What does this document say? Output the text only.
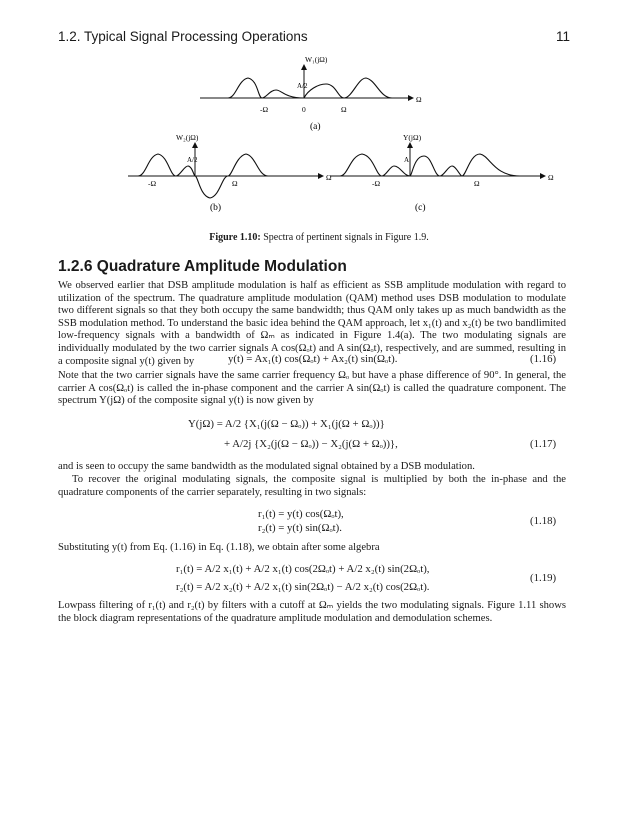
1.2. Typical Signal Processing Operations	11
W₁(jΩ)
A/2
-Ω	0	Ω
Ω
(a)
W₂(jΩ)
A/2
-Ω	Ω
Ω
(b)
Y(jΩ)
A
-Ω	Ω
Ω
(c)
Figure 1.10: Spectra of pertinent signals in Figure 1.9.
1.2.6 Quadrature Amplitude Modulation

We observed earlier that DSB amplitude modulation is half as efficient as SSB amplitude modulation with regard to utilization of the spectrum. The quadrature amplitude modulation (QAM) method uses DSB modulation to modulate two different signals so that they both occupy the same bandwidth; thus QAM only takes up as much bandwidth as the SSB modulation method. To understand the basic idea behind the QAM approach, let x₁(t) and x₂(t) be two bandlimited low-frequency signals with a bandwidth of Ωₘ as indicated in Figure 1.4(a). The two modulating signals are individually modulated by the two carrier signals A cos(Ωₒt) and A sin(Ωₒt), respectively, and are summed, resulting in a composite signal y(t) given by	y(t) = Ax₁(t) cos(Ωₒt) + Ax₂(t) sin(Ωₒt).	(1.16)

Note that the two carrier signals have the same carrier frequency Ωₒ but have a phase difference of 90°. In general, the carrier A cos(Ωₒt) is called the in-phase component and the carrier A sin(Ωₒt) is called the quadrature component. The spectrum Y(jΩ) of the composite signal y(t) is now given by

Y(jΩ) = A/2 {X₁(j(Ω − Ωₒ)) + X₁(j(Ω + Ωₒ))}
+ A/2j {X₂(j(Ω − Ωₒ)) − X₂(j(Ω + Ωₒ))},	(1.17)

and is seen to occupy the same bandwidth as the modulated signal obtained by a DSB modulation.

To recover the original modulating signals, the composite signal is multiplied by both the in-phase and the quadrature components of the carrier separately, resulting in two signals:

r₁(t) = y(t) cos(Ωₒt),
r₂(t) = y(t) sin(Ωₒt).
(1.18)

Substituting y(t) from Eq. (1.16) in Eq. (1.18), we obtain after some algebra

r₁(t) = A/2 x₁(t) + A/2 x₁(t) cos(2Ωₒt) + A/2 x₂(t) sin(2Ωₒt),
r₂(t) = A/2 x₂(t) + A/2 x₁(t) sin(2Ωₒt) − A/2 x₂(t) cos(2Ωₒt).
(1.19)

Lowpass filtering of r₁(t) and r₂(t) by filters with a cutoff at Ωₘ yields the two modulating signals. Figure 1.11 shows the block diagram representations of the quadrature amplitude modulation and demodulation schemes.
